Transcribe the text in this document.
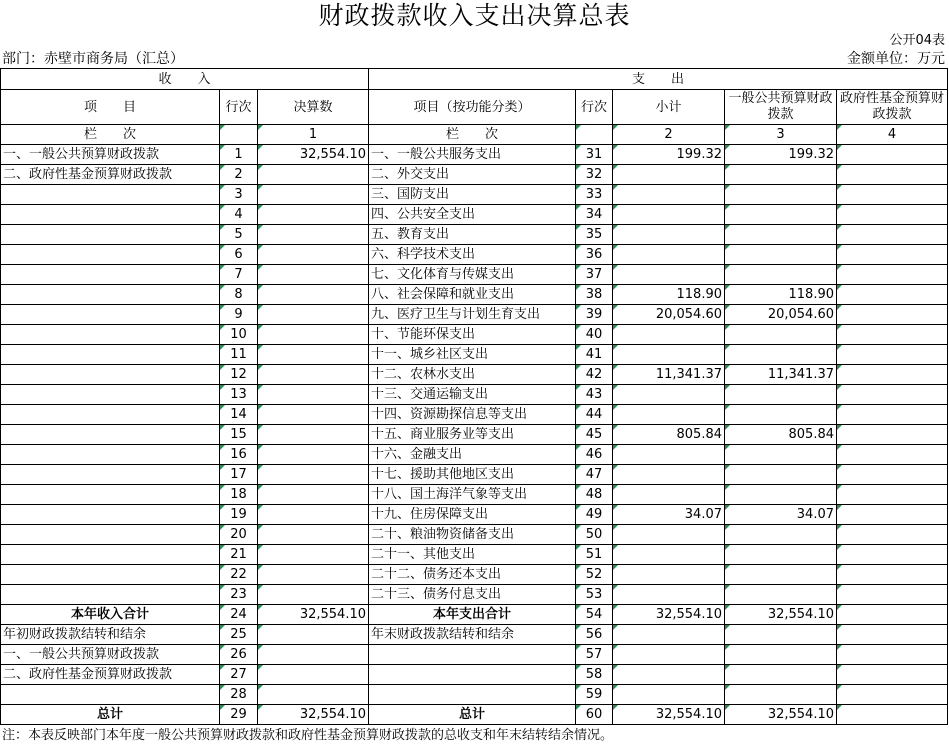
财政拨款收入支出决算总表
公开04表
部门：赤壁市商务局（汇总）	金额单位：万元
收　　入			支　　出				
项　　目	行次	决算数	项目（按功能分类）	行次	小计	一般公共预算财政拨款	政府性基金预算财政拨款
栏　　次		1	栏　　次		2	3	4
一、一般公共预算财政拨款	1	32,554.10	一、一般公共服务支出	31	199.32	199.32	
二、政府性基金预算财政拨款	2		二、外交支出	32			
	3		三、国防支出	33			
	4		四、公共安全支出	34			
	5		五、教育支出	35			
	6		六、科学技术支出	36			
	7		七、文化体育与传媒支出	37			
	8		八、社会保障和就业支出	38	118.90	118.90	
	9		九、医疗卫生与计划生育支出	39	20,054.60	20,054.60	
	10		十、节能环保支出	40			
	11		十一、城乡社区支出	41			
	12		十二、农林水支出	42	11,341.37	11,341.37	
	13		十三、交通运输支出	43			
	14		十四、资源勘探信息等支出	44			
	15		十五、商业服务业等支出	45	805.84	805.84	
	16		十六、金融支出	46			
	17		十七、援助其他地区支出	47			
	18		十八、国土海洋气象等支出	48			
	19		十九、住房保障支出	49	34.07	34.07	
	20		二十、粮油物资储备支出	50			
	21		二十一、其他支出	51			
	22		二十二、债务还本支出	52			
	23		二十三、债务付息支出	53			
本年收入合计	24	32,554.10	本年支出合计	54	32,554.10	32,554.10	
年初财政拨款结转和结余	25		年末财政拨款结转和结余	56			
一、一般公共预算财政拨款	26			57			
二、政府性基金预算财政拨款	27			58			
	28			59			
总计	29	32,554.10	总计	60	32,554.10	32,554.10	
注：本表反映部门本年度一般公共预算财政拨款和政府性基金预算财政拨款的总收支和年末结转结余情况。
